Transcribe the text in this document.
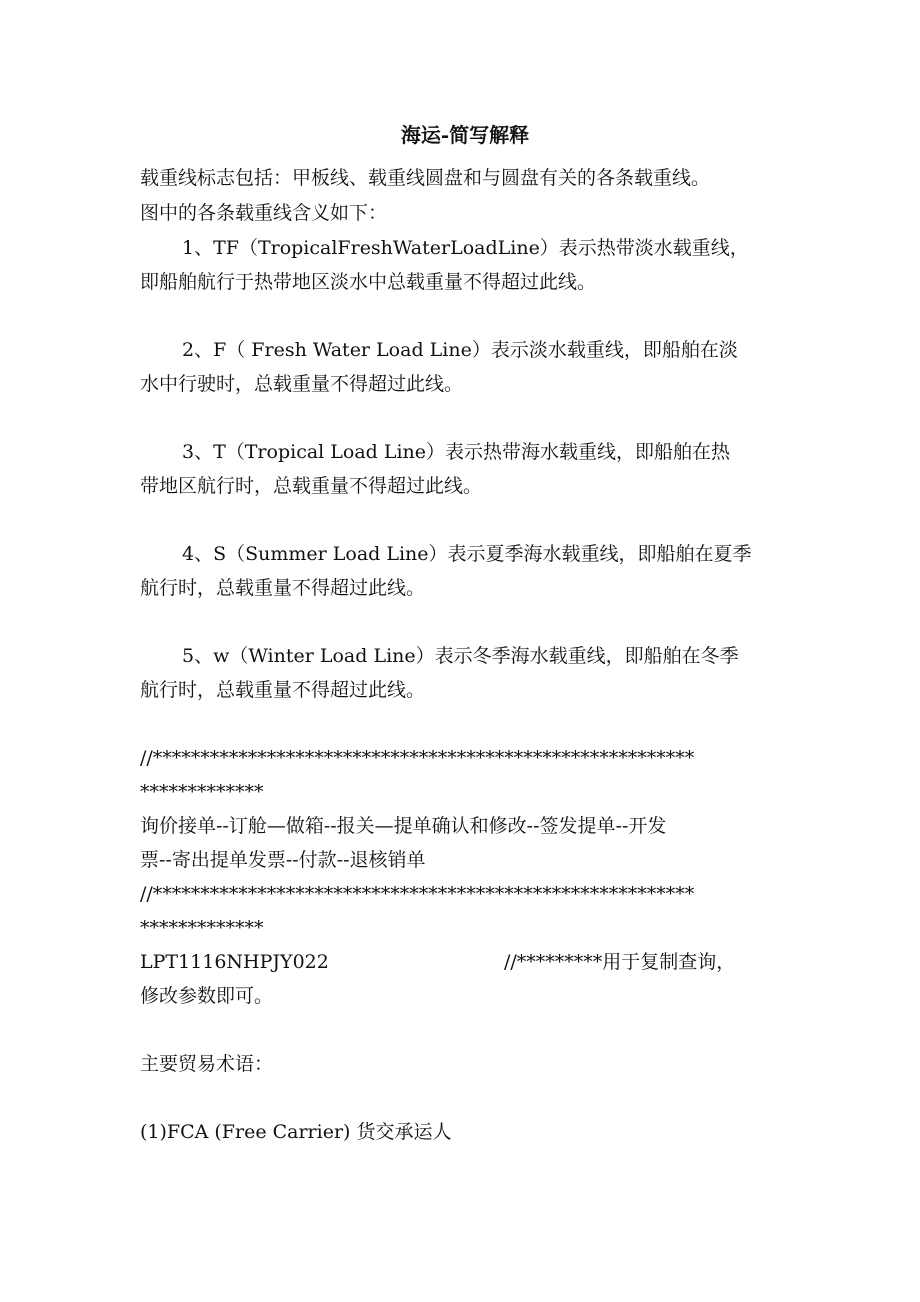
海运-简写解释
载重线标志包括：甲板线、载重线圆盘和与圆盘有关的各条载重线。
图中的各条载重线含义如下：
1、TF（TropicalFreshWaterLoadLine）表示热带淡水载重线，
即船舶航行于热带地区淡水中总载重量不得超过此线。
2、F（ Fresh Water Load Line）表示淡水载重线，即船舶在淡
水中行驶时，总载重量不得超过此线。
3、T（Tropical Load Line）表示热带海水载重线，即船舶在热
带地区航行时，总载重量不得超过此线。
4、S（Summer Load Line）表示夏季海水载重线，即船舶在夏季
航行时，总载重量不得超过此线。
5、w（Winter Load Line）表示冬季海水载重线，即船舶在冬季
航行时，总载重量不得超过此线。
//*********************************************************
*************
询价接单--订舱—做箱--报关—提单确认和修改--签发提单--开发
票--寄出提单发票--付款--退核销单
//*********************************************************
*************
LPT1116NHPJY022	//*********用于复制查询，
修改参数即可。
主要贸易术语：
(1)FCA (Free Carrier) 货交承运人
